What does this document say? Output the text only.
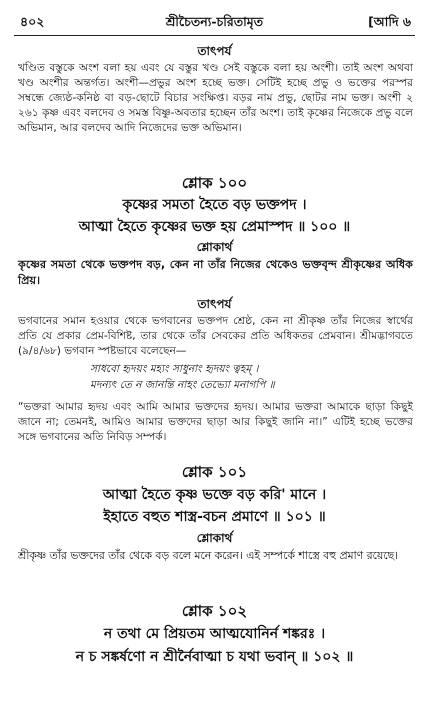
৪০২	শ্রীচৈতন্য-চরিতামৃত	[আদি ৬
তাৎপর্য
খণ্ডিত বস্তুকে অংশ বলা হয় এবং যে বস্তুর খণ্ড সেই বস্তুকে বলা হয় অংশী। তাই অংশ অথবা খণ্ড অংশীর অন্তর্গত। অংশী—প্রভুর অংশ হচ্ছে ভক্ত। সেটিই হচ্ছে প্রভু ও ভক্তের পরস্পর সম্বন্ধে জ্যেষ্ঠ-কনিষ্ঠ বা বড়-ছোটে বিচার সংক্ষিপ্ত। বড়র নাম প্রভু, ছোটর নাম ভক্ত। অংশী ২ ২৬১ কৃষ্ণ এবং বলদেব ও সমস্ত বিষ্ণু-অবতার হচ্ছেন তাঁর অংশ। তাই কৃষ্ণের নিজেকে প্রভু বলে অভিমান, আর বলদেব আদি নিজেদের ভক্ত অভিমান।
শ্লোক ১০০
কৃষ্ণের সমতা হৈতে বড় ভক্তপদ ।
আত্মা হৈতে কৃষ্ণের ভক্ত হয় প্রেমাস্পদ ॥ ১০০ ॥
শ্লোকার্থ
কৃষ্ণের সমতা থেকে ভক্তপদ বড়, কেন না তাঁর নিজের থেকেও ভক্তবৃন্দ শ্রীকৃষ্ণের অধিক প্রিয়।
তাৎপর্য
ভগবানের সমান হওয়ার থেকে ভগবানের ভক্তপদ শ্রেষ্ঠ, কেন না শ্রীকৃষ্ণ তাঁর নিজের স্বার্থের প্রতি যে প্রকার প্রেম-বিশিষ্ট, তার থেকে তাঁর সেবকের প্রতি অধিকতর প্রেমবান। শ্রীমদ্ভাগবতে (৯/৪/৬৮) ভগবান স্পষ্টভাবে বলেছেন—
সাধবো হৃদয়ং মহ্যং সাধুনাং হৃদয়ং ত্বহম্ ।
মদন্যৎ তে ন জানন্তি নাহং তেভ্যো মনাগপি ॥
“ভক্তরা আমার হৃদয় এবং আমি আমার ভক্তদের হৃদয়। আমার ভক্তরা আমাকে ছাড়া কিছুই জানে না; তেমনই, আমিও আমার ভক্তদের ছাড়া আর কিছুই জানি না।” এটিই হচ্ছে ভক্তের সঙ্গে ভগবানের অতি নিবিড় সম্পর্ক।
শ্লোক ১০১
আত্মা হৈতে কৃষ্ণ ভক্তে বড় করি' মানে ।
ইহাতে বহুত শাস্ত্র-বচন প্রমাণে ॥ ১০১ ॥
শ্লোকার্থ
শ্রীকৃষ্ণ তাঁর ভক্তদের তাঁর থেকে বড় বলে মনে করেন। এই সম্পর্কে শাস্ত্রে বহু প্রমাণ রয়েছে।
শ্লোক ১০২
ন তথা মে প্রিয়তম আত্মযোনির্ন শঙ্করঃ ।
ন চ সঙ্কর্ষণো ন শ্রীর্নৈবাত্মা চ যথা ভবান্ ॥ ১০২ ॥
